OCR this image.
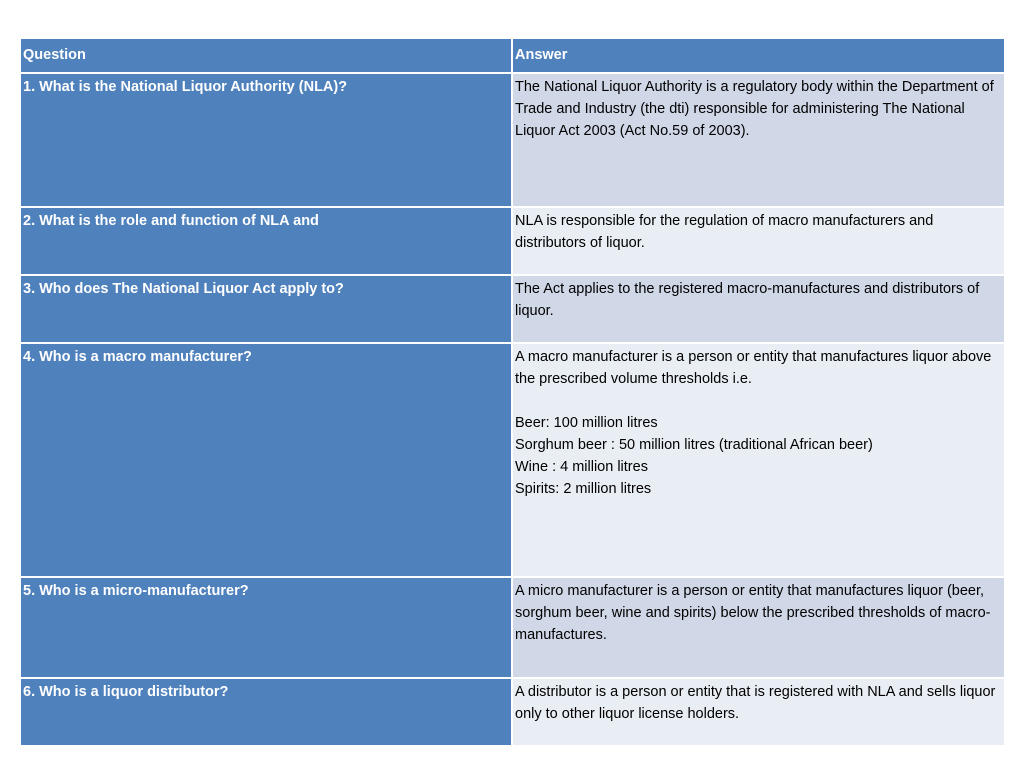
Question	Answer
1. What is the National Liquor Authority (NLA)?	The National Liquor Authority is a regulatory body within the Department of Trade and Industry (the dti) responsible for administering The National Liquor Act 2003 (Act No.59 of 2003).
2. What is the role and function of NLA and	NLA is responsible for the regulation of macro manufacturers and distributors of liquor.
3. Who does The National Liquor Act apply to?	The Act applies to the registered macro-manufactures and distributors of liquor.
4. Who is a macro manufacturer?	A macro manufacturer is a person or entity that manufactures liquor above the prescribed volume thresholds i.e.
Beer: 100 million litres
Sorghum beer : 50 million litres (traditional African beer)
Wine : 4 million litres
Spirits: 2 million litres

5. Who is a micro-manufacturer?	A micro manufacturer is a person or entity that manufactures liquor (beer, sorghum beer, wine and spirits) below the prescribed thresholds of macro-manufactures.
6. Who is a liquor distributor?	A distributor is a person or entity that is registered with NLA and sells liquor only to other liquor license holders.
